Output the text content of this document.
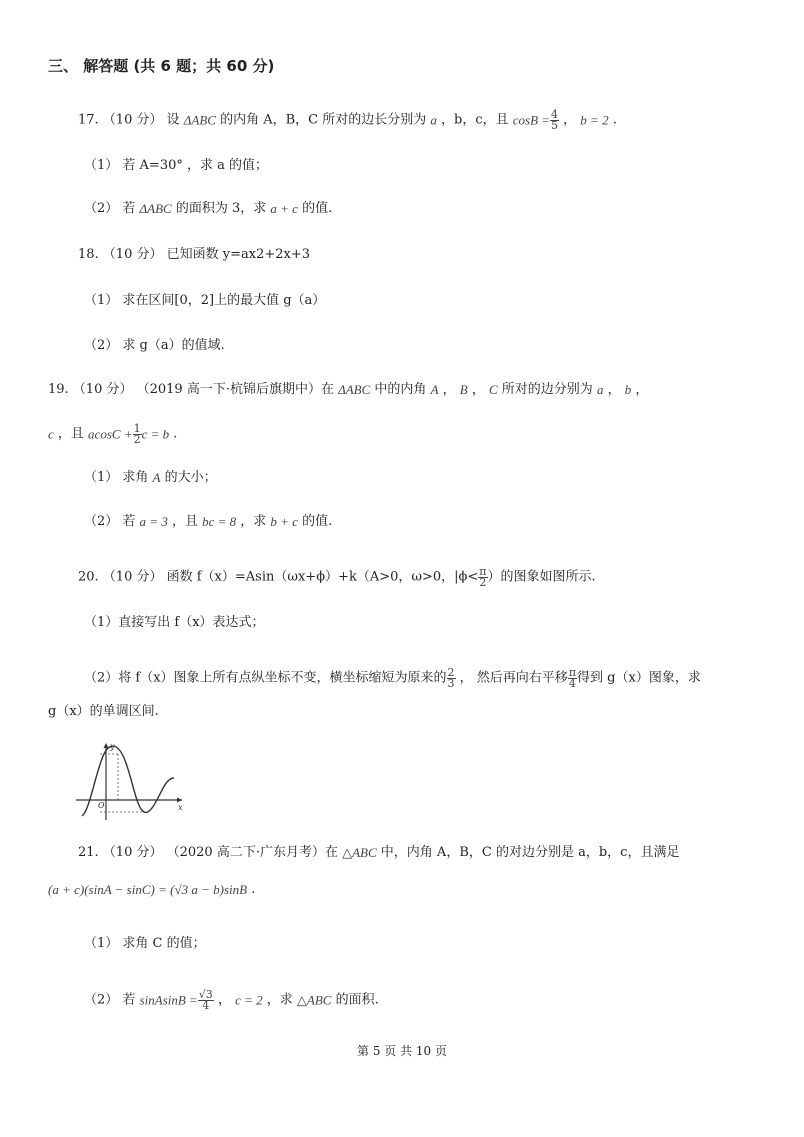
三、 解答题 (共 6 题；共 60 分)
17. （10 分） 设 ΔABC 的内角 A，B，C 所对的边长分别为 a ，b，c，且 $\cos B = \frac{4}{5}$ ， b = 2 .
（1） 若 A=30° ，求 a 的值；
（2） 若 ΔABC 的面积为 3，求 a + c 的值.
18. （10 分） 已知函数 y=ax2+2x+3
（1） 求在区间[0，2]上的最大值 g（a）
（2） 求 g（a）的值域.
19. （10 分） （2019 高一下·杭锦后旗期中）在 ΔABC 中的内角 A ， B ， C 所对的边分别为 a ， b ，
c ，且 $acosC + \frac{1}{2}$ c = b .
（1） 求角 A 的大小；
（2） 若 a = 3 ，且 bc = 8 ，求 b + c 的值.
20. （10 分） 函数 f（x）=Asin（ωx+ϕ）+k（A>0，ω>0，$|\phi< \frac{\pi}{2}$ ）的图象如图所示.
（1）直接写出 f（x）表达式；
（2）将 f（x）图象上所有点纵坐标不变，横坐标缩短为原来的 $\frac{2}{3}$ ， 然后再向右平移 $\frac{\pi}{4}$ 得到 g（x）图象，求
g（x）的单调区间.
y
x
O
21. （10 分） （2020 高二下·广东月考）在 △ABC 中，内角 A，B，C 的对边分别是 a，b，c，且满足
(a + c)(sinA − sinC) = (√3 a − b)sinB .
（1） 求角 C 的值；
（2） 若 sinAsinB = $\frac{√3}{4}$ ， c = 2 ，求 △ABC 的面积.
第 5 页 共 10 页
